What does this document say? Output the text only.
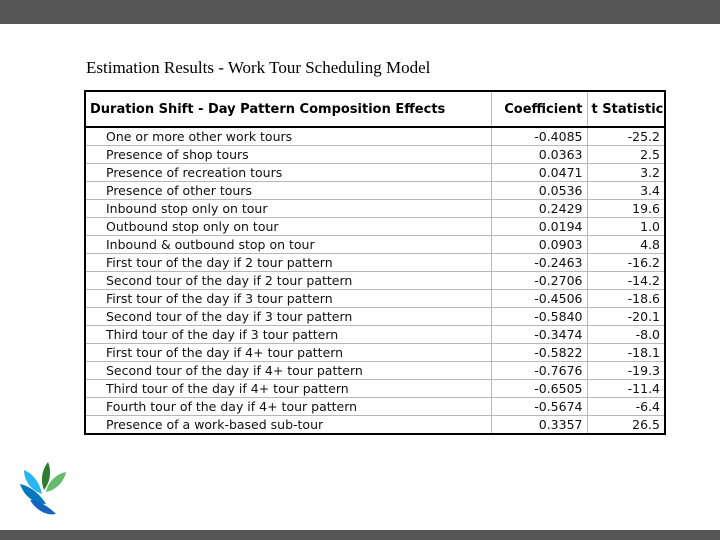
Estimation Results - Work Tour Scheduling Model
Duration Shift - Day Pattern Composition Effects	Coefficient	t Statistic
One or more other work tours	-0.4085	-25.2
Presence of shop tours	0.0363	2.5
Presence of recreation tours	0.0471	3.2
Presence of other tours	0.0536	3.4
Inbound stop only on tour	0.2429	19.6
Outbound stop only on tour	0.0194	1.0
Inbound & outbound stop on tour	0.0903	4.8
First tour of the day if 2 tour pattern	-0.2463	-16.2
Second tour of the day if 2 tour pattern	-0.2706	-14.2
First tour of the day if 3 tour pattern	-0.4506	-18.6
Second tour of the day if 3 tour pattern	-0.5840	-20.1
Third tour of the day if 3 tour pattern	-0.3474	-8.0
First tour of the day if 4+ tour pattern	-0.5822	-18.1
Second tour of the day if 4+ tour pattern	-0.7676	-19.3
Third tour of the day if 4+ tour pattern	-0.6505	-11.4
Fourth tour of the day if 4+ tour pattern	-0.5674	-6.4
Presence of a work-based sub-tour	0.3357	26.5
